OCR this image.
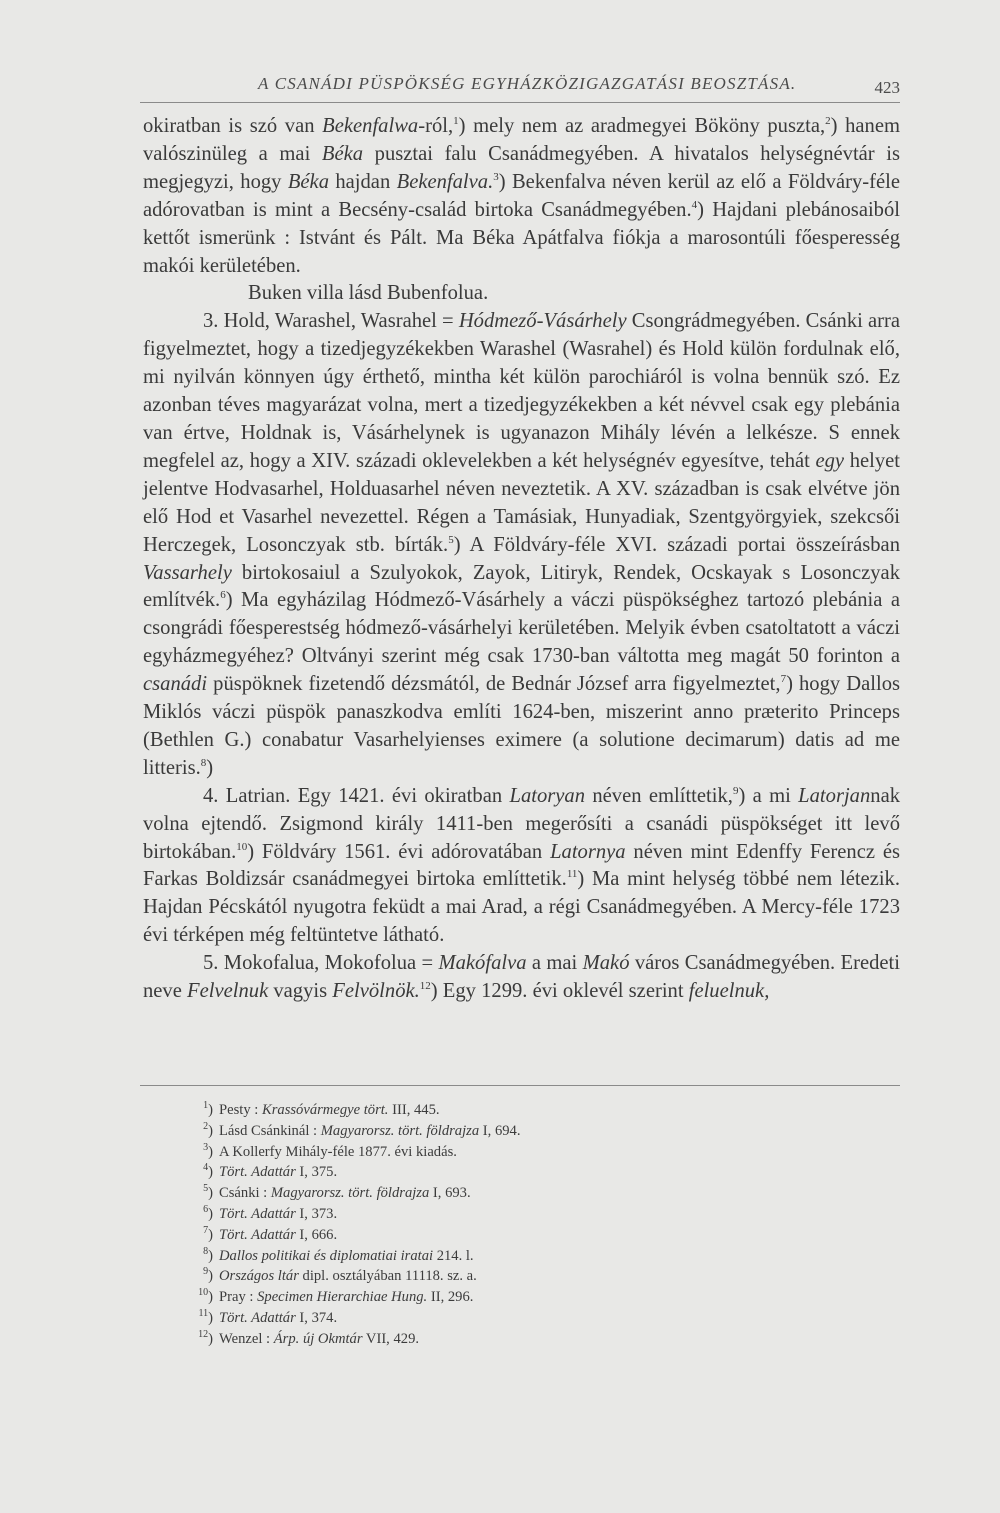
A CSANÁDI PÜSPÖKSÉG EGYHÁZKÖZIGAZGATÁSI BEOSZTÁSA.	423

okiratban is szó van Bekenfalwa-ról,$^1$) mely nem az aradmegyei Bököny puszta,$^2$) hanem valószinüleg a mai Béka pusztai falu Csanádmegyében. A hivatalos helységnévtár is megjegyzi, hogy Béka hajdan Bekenfalva.$^3$) Bekenfalva néven kerül az elő a Földváry-féle adórovatban is mint a Becsény-család birtoka Csanádmegyében.$^4$) Hajdani plebánosaiból kettőt ismerünk : Istvánt és Pált. Ma Béka Apátfalva fiókja a marosontúli főesperesség makói kerületében.

Buken villa lásd Bubenfolua.

3. Hold, Warashel, Wasrahel = Hódmező-Vásárhely Csongrádmegyében. Csánki arra figyelmeztet, hogy a tizedjegyzékekben Warashel (Wasrahel) és Hold külön fordulnak elő, mi nyilván könnyen úgy érthető, mintha két külön parochiáról is volna bennük szó. Ez azonban téves magyarázat volna, mert a tizedjegyzékekben a két névvel csak egy plebánia van értve, Holdnak is, Vásárhelynek is ugyanazon Mihály lévén a lelkésze. S ennek megfelel az, hogy a XIV. századi oklevelekben a két helységnév egyesítve, tehát egy helyet jelentve Hodvasarhel, Holduasarhel néven neveztetik. A XV. században is csak elvétve jön elő Hod et Vasarhel nevezettel. Régen a Tamásiak, Hunyadiak, Szentgyörgyiek, szekcsői Herczegek, Losonczyak stb. bírták.$^5$) A Földváry-féle XVI. századi portai összeírásban Vassarhely birtokosaiul a Szulyokok, Zayok, Litiryk, Rendek, Ocskayak s Losonczyak említvék.$^6$) Ma egyházilag Hódmező-Vásárhely a váczi püspökséghez tartozó plebánia a csongrádi főesperestség hódmező-vásárhelyi kerületében. Melyik évben csatoltatott a váczi egyházmegyéhez? Oltványi szerint még csak 1730-ban váltotta meg magát 50 forinton a csanádi püspöknek fizetendő dézsmától, de Bednár József arra figyelmeztet,$^7$) hogy Dallos Miklós váczi püspök panaszkodva említi 1624-ben, miszerint anno præterito Princeps (Bethlen G.) conabatur Vasarhelyienses eximere (a solutione decimarum) datis ad me litteris.$^8$)

4. Latrian. Egy 1421. évi okiratban Latoryan néven említtetik,$^9$) a mi Latorjannak volna ejtendő. Zsigmond király 1411-ben megerősíti a csanádi püspökséget itt levő birtokában.$^{10}$) Földváry 1561. évi adórovatában Latornya néven mint Edenffy Ferencz és Farkas Boldizsár csanádmegyei birtoka említtetik.$^{11}$) Ma mint helység többé nem létezik. Hajdan Pécskától nyugotra feküdt a mai Arad, a régi Csanádmegyében. A Mercy-féle 1723 évi térképen még feltüntetve látható.

5. Mokofalua, Mokofolua = Makófalva a mai Makó város Csanádmegyében. Eredeti neve Felvelnuk vagyis Felvölnök.$^{12}$) Egy 1299. évi oklevél szerint feluelnuk,

$^1$) Pesty : Krassóvármegye tört. III, 445.
$^2$) Lásd Csánkinál : Magyarorsz. tört. földrajza I, 694.
$^3$) A Kollerfy Mihály-féle 1877. évi kiadás.
$^4$) Tört. Adattár I, 375.
$^5$) Csánki : Magyarorsz. tört. földrajza I, 693.
$^6$) Tört. Adattár I, 373.
$^7$) Tört. Adattár I, 666.
$^8$) Dallos politikai és diplomatiai iratai 214. l.
$^9$) Országos ltár dipl. osztályában 11118. sz. a.
$^{10}$) Pray : Specimen Hierarchiae Hung. II, 296.
$^{11}$) Tört. Adattár I, 374.
$^{12}$) Wenzel : Árp. új Okmtár VII, 429.
